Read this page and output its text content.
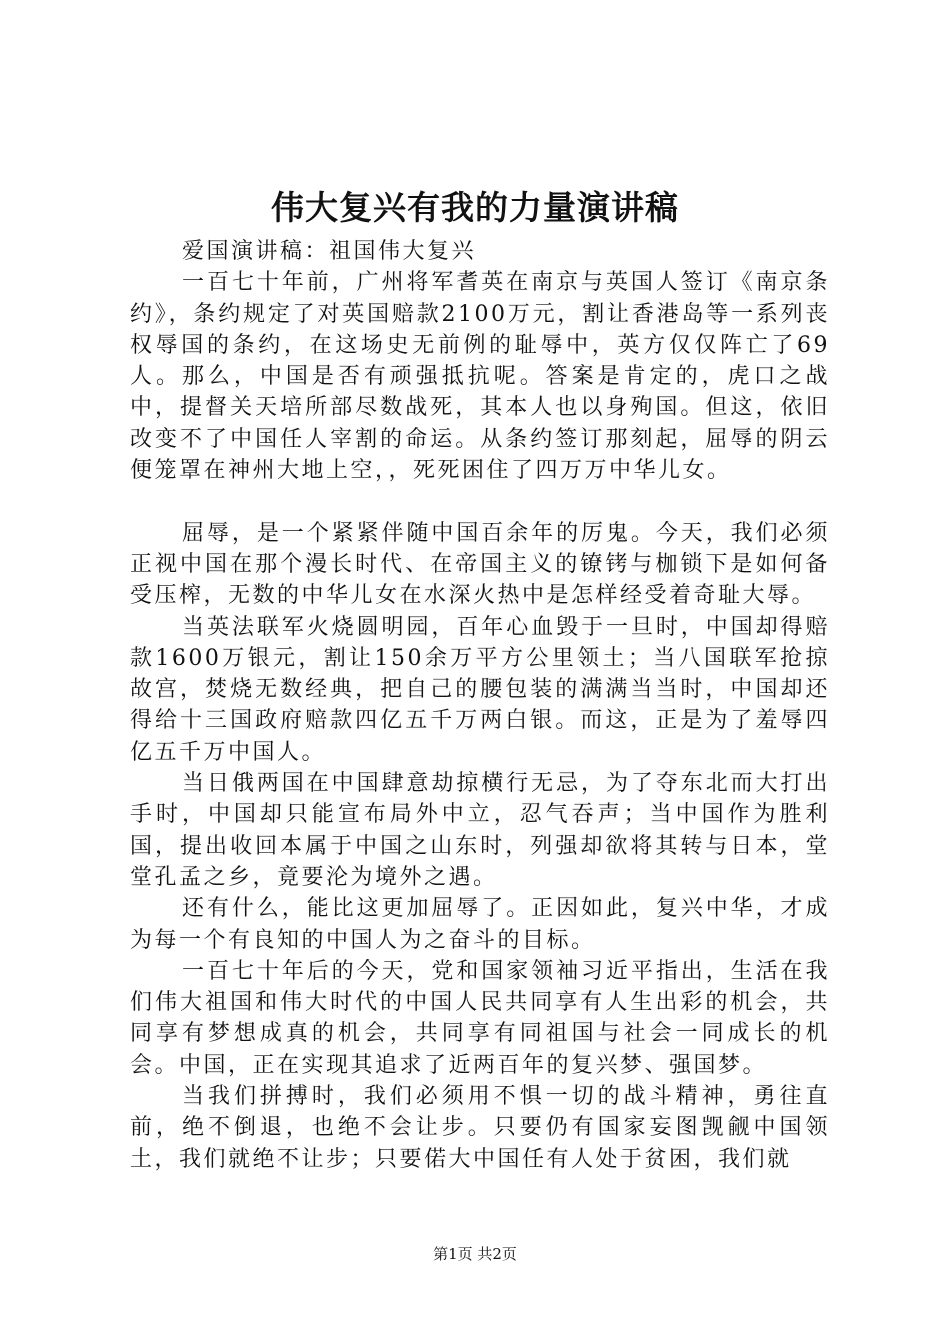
伟大复兴有我的力量演讲稿

爱国演讲稿：祖国伟大复兴

一百七十年前，广州将军耆英在南京与英国人签订《南京条约》，条约规定了对英国赔款2100万元，割让香港岛等一系列丧权辱国的条约，在这场史无前例的耻辱中，英方仅仅阵亡了69人。那么，中国是否有顽强抵抗呢。答案是肯定的，虎口之战中，提督关天培所部尽数战死，其本人也以身殉国。但这，依旧改变不了中国任人宰割的命运。从条约签订那刻起，屈辱的阴云便笼罩在神州大地上空，，死死困住了四万万中华儿女。

屈辱，是一个紧紧伴随中国百余年的厉鬼。今天，我们必须正视中国在那个漫长时代、在帝国主义的镣铐与枷锁下是如何备受压榨，无数的中华儿女在水深火热中是怎样经受着奇耻大辱。

当英法联军火烧圆明园，百年心血毁于一旦时，中国却得赔款1600万银元，割让150余万平方公里领土；当八国联军抢掠故宫，焚烧无数经典，把自己的腰包装的满满当当时，中国却还得给十三国政府赔款四亿五千万两白银。而这，正是为了羞辱四亿五千万中国人。

当日俄两国在中国肆意劫掠横行无忌，为了夺东北而大打出手时，中国却只能宣布局外中立，忍气吞声；当中国作为胜利国，提出收回本属于中国之山东时，列强却欲将其转与日本，堂堂孔孟之乡，竟要沦为境外之遇。

还有什么，能比这更加屈辱了。正因如此，复兴中华，才成为每一个有良知的中国人为之奋斗的目标。

一百七十年后的今天，党和国家领袖习近平指出，生活在我们伟大祖国和伟大时代的中国人民共同享有人生出彩的机会，共同享有梦想成真的机会，共同享有同祖国与社会一同成长的机会。中国，正在实现其追求了近两百年的复兴梦、强国梦。

当我们拼搏时，我们必须用不惧一切的战斗精神，勇往直前，绝不倒退，也绝不会让步。只要仍有国家妄图觊觎中国领土，我们就绝不让步；只要偌大中国任有人处于贫困，我们就

第1页 共2页
